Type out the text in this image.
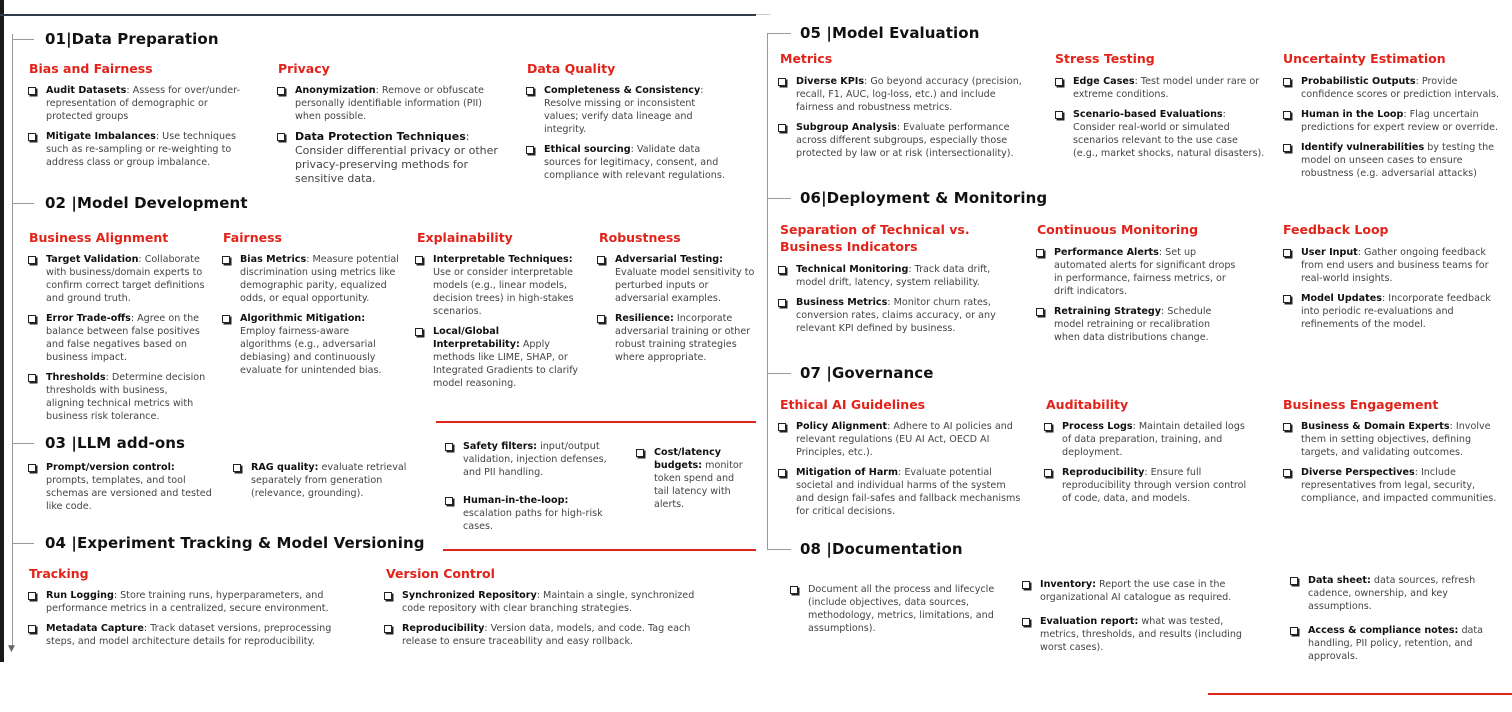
▼
01|Data Preparation
Bias and Fairness
Audit Datasets: Assess for over/under-representation of demographic or protected groups
Mitigate Imbalances: Use techniques such as re-sampling or re-weighting to address class or group imbalance.
Privacy
Anonymization: Remove or obfuscate personally identifiable information (PII) when possible.
Data Protection Techniques: Consider differential privacy or other privacy-preserving methods for sensitive data.
Data Quality
Completeness & Consistency: Resolve missing or inconsistent values; verify data lineage and integrity.
Ethical sourcing: Validate data sources for legitimacy, consent, and compliance with relevant regulations.
02 |Model Development
Business Alignment
Target Validation: Collaborate with business/domain experts to confirm correct target definitions and ground truth.
Error Trade-offs: Agree on the balance between false positives and false negatives based on business impact.
Thresholds: Determine decision thresholds with business, aligning technical metrics with business risk tolerance.
Fairness
Bias Metrics: Measure potential discrimination using metrics like demographic parity, equalized odds, or equal opportunity.
Algorithmic Mitigation: Employ fairness-aware algorithms (e.g., adversarial debiasing) and continuously evaluate for unintended bias.
Explainability
Interpretable Techniques: Use or consider interpretable models (e.g., linear models, decision trees) in high-stakes scenarios.
Local/Global Interpretability: Apply methods like LIME, SHAP, or Integrated Gradients to clarify model reasoning.
Robustness
Adversarial Testing: Evaluate model sensitivity to perturbed inputs or adversarial examples.
Resilience: Incorporate adversarial training or other robust training strategies where appropriate.
03 |LLM add-ons
Prompt/version control: prompts, templates, and tool schemas are versioned and tested like code.
RAG quality: evaluate retrieval separately from generation (relevance, grounding).
Safety filters: input/output validation, injection defenses, and PII handling.
Human-in-the-loop: escalation paths for high-risk cases.
Cost/latency budgets: monitor token spend and tail latency with alerts.
04 |Experiment Tracking & Model Versioning
Tracking
Run Logging: Store training runs, hyperparameters, and performance metrics in a centralized, secure environment.
Metadata Capture: Track dataset versions, preprocessing steps, and model architecture details for reproducibility.
Version Control
Synchronized Repository: Maintain a single, synchronized code repository with clear branching strategies.
Reproducibility: Version data, models, and code. Tag each release to ensure traceability and easy rollback.
05 |Model Evaluation
Metrics
Diverse KPIs: Go beyond accuracy (precision, recall, F1, AUC, log-loss, etc.) and include fairness and robustness metrics.
Subgroup Analysis: Evaluate performance across different subgroups, especially those protected by law or at risk (intersectionality).
Stress Testing
Edge Cases: Test model under rare or extreme conditions.
Scenario-based Evaluations: Consider real-world or simulated scenarios relevant to the use case (e.g., market shocks, natural disasters).
Uncertainty Estimation
Probabilistic Outputs: Provide confidence scores or prediction intervals.
Human in the Loop: Flag uncertain predictions for expert review or override.
Identify vulnerabilities by testing the model on unseen cases to ensure robustness (e.g. adversarial attacks)
06|Deployment & Monitoring
Separation of Technical vs. Business Indicators
Technical Monitoring: Track data drift, model drift, latency, system reliability.
Business Metrics: Monitor churn rates, conversion rates, claims accuracy, or any relevant KPI defined by business.
Continuous Monitoring
Performance Alerts: Set up automated alerts for significant drops in performance, fairness metrics, or drift indicators.
Retraining Strategy: Schedule model retraining or recalibration when data distributions change.
Feedback Loop
User Input: Gather ongoing feedback from end users and business teams for real-world insights.
Model Updates: Incorporate feedback into periodic re-evaluations and refinements of the model.
07 |Governance
Ethical AI Guidelines
Policy Alignment: Adhere to AI policies and relevant regulations (EU AI Act, OECD AI Principles, etc.).
Mitigation of Harm: Evaluate potential societal and individual harms of the system and design fail-safes and fallback mechanisms for critical decisions.
Auditability
Process Logs: Maintain detailed logs of data preparation, training, and deployment.
Reproducibility: Ensure full reproducibility through version control of code, data, and models.
Business Engagement
Business & Domain Experts: Involve them in setting objectives, defining targets, and validating outcomes.
Diverse Perspectives: Include representatives from legal, security, compliance, and impacted communities.
08 |Documentation
Document all the process and lifecycle (include objectives, data sources, methodology, metrics, limitations, and assumptions).
Inventory: Report the use case in the organizational AI catalogue as required.
Evaluation report: what was tested, metrics, thresholds, and results (including worst cases).
Data sheet: data sources, refresh cadence, ownership, and key assumptions.
Access & compliance notes: data handling, PII policy, retention, and approvals.
